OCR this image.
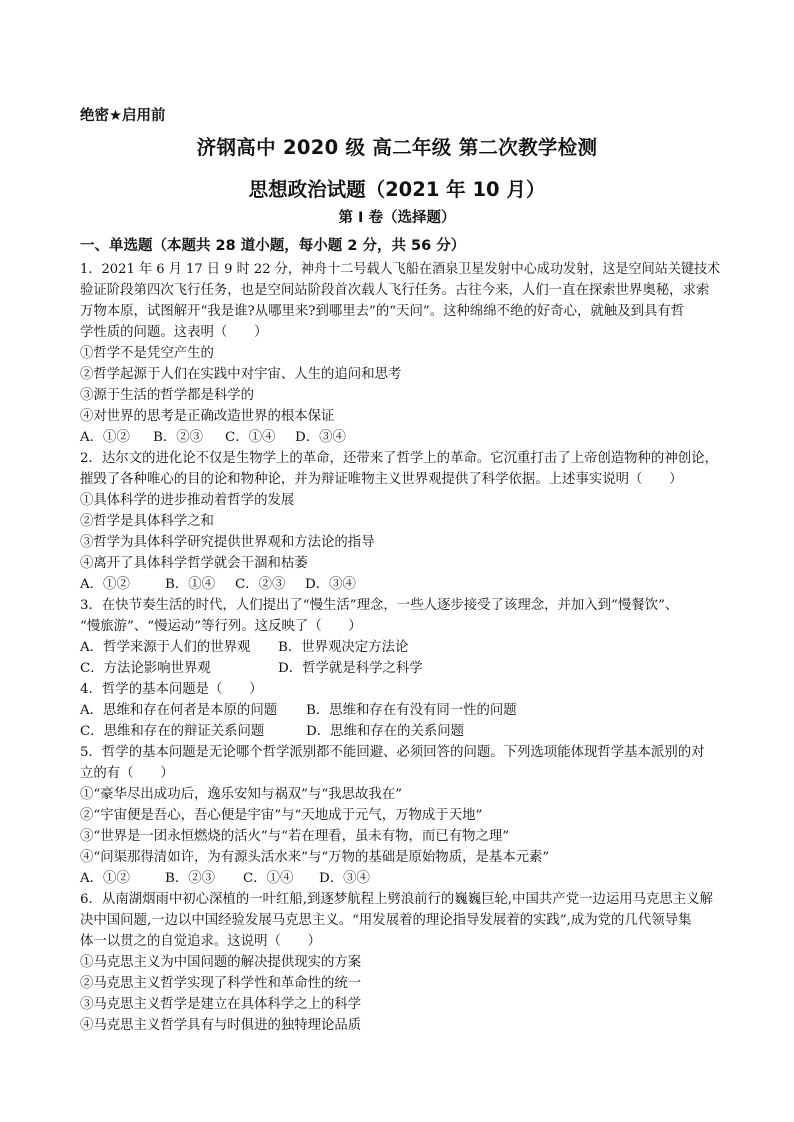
绝密★启用前
济钢高中 2020 级 高二年级 第二次教学检测
思想政治试题（2021 年 10 月）
第 I 卷（选择题）
一、单选题（本题共 28 道小题，每小题 2 分，共 56 分）
1．2021 年 6 月 17 日 9 时 22 分，神舟十二号载人飞船在酒泉卫星发射中心成功发射，这是空间站关键技术
验证阶段第四次飞行任务，也是空间站阶段首次载人飞行任务。古往今来，人们一直在探索世界奥秘，求索
万物本原，试图解开“我是谁?从哪里来?到哪里去”的“天问”。这种绵绵不绝的好奇心，就触及到具有哲
学性质的问题。这表明（　　）
①哲学不是凭空产生的
②哲学起源于人们在实践中对宇宙、人生的追问和思考
③源于生活的哲学都是科学的
④对世界的思考是正确改造世界的根本保证
A．①②	B．②③	C．①④	D．③④
2．达尔文的进化论不仅是生物学上的革命，还带来了哲学上的革命。它沉重打击了上帝创造物种的神创论，
摧毁了各种唯心的目的论和物种论，并为辩证唯物主义世界观提供了科学依据。上述事实说明（　　）
①具体科学的进步推动着哲学的发展
②哲学是具体科学之和
③哲学为具体科学研究提供世界观和方法论的指导
④离开了具体科学哲学就会干涸和枯萎
A．①②	B．①④	C．②③	D．③④
3．在快节奏生活的时代，人们提出了“慢生活”理念，一些人逐步接受了该理念，并加入到“慢餐饮”、
“慢旅游”、“慢运动”等行列。这反映了（　　）
A．哲学来源于人们的世界观	B．世界观决定方法论
C．方法论影响世界观	D．哲学就是科学之科学
4．哲学的基本问题是（　　）
A．思维和存在何者是本原的问题	B．思维和存在有没有同一性的问题
C．思维和存在的辩证关系问题	D．思维和存在的关系问题
5．哲学的基本问题是无论哪个哲学派别都不能回避、必须回答的问题。下列选项能体现哲学基本派别的对
立的有（　　）
①“豪华尽出成功后，逸乐安知与祸双”与“我思故我在”
②“宇宙便是吾心，吾心便是宇宙”与“天地成于元气，万物成于天地”
③“世界是一团永恒燃烧的活火”与“若在理看，虽未有物，而已有物之理”
④“问渠那得清如许，为有源头活水来”与“万物的基础是原始物质，是基本元素”
A．①②	B．②③	C．①④	D．③④
6．从南湖烟雨中初心深植的一叶红船,到逐梦航程上劈浪前行的巍巍巨轮,中国共产党一边运用马克思主义解
决中国问题,一边以中国经验发展马克思主义。“用发展着的理论指导发展着的实践”,成为党的几代领导集
体一以贯之的自觉追求。这说明（　　）
①马克思主义为中国问题的解决提供现实的方案
②马克思主义哲学实现了科学性和革命性的统一
③马克思主义哲学是建立在具体科学之上的科学
④马克思主义哲学具有与时俱进的独特理论品质
